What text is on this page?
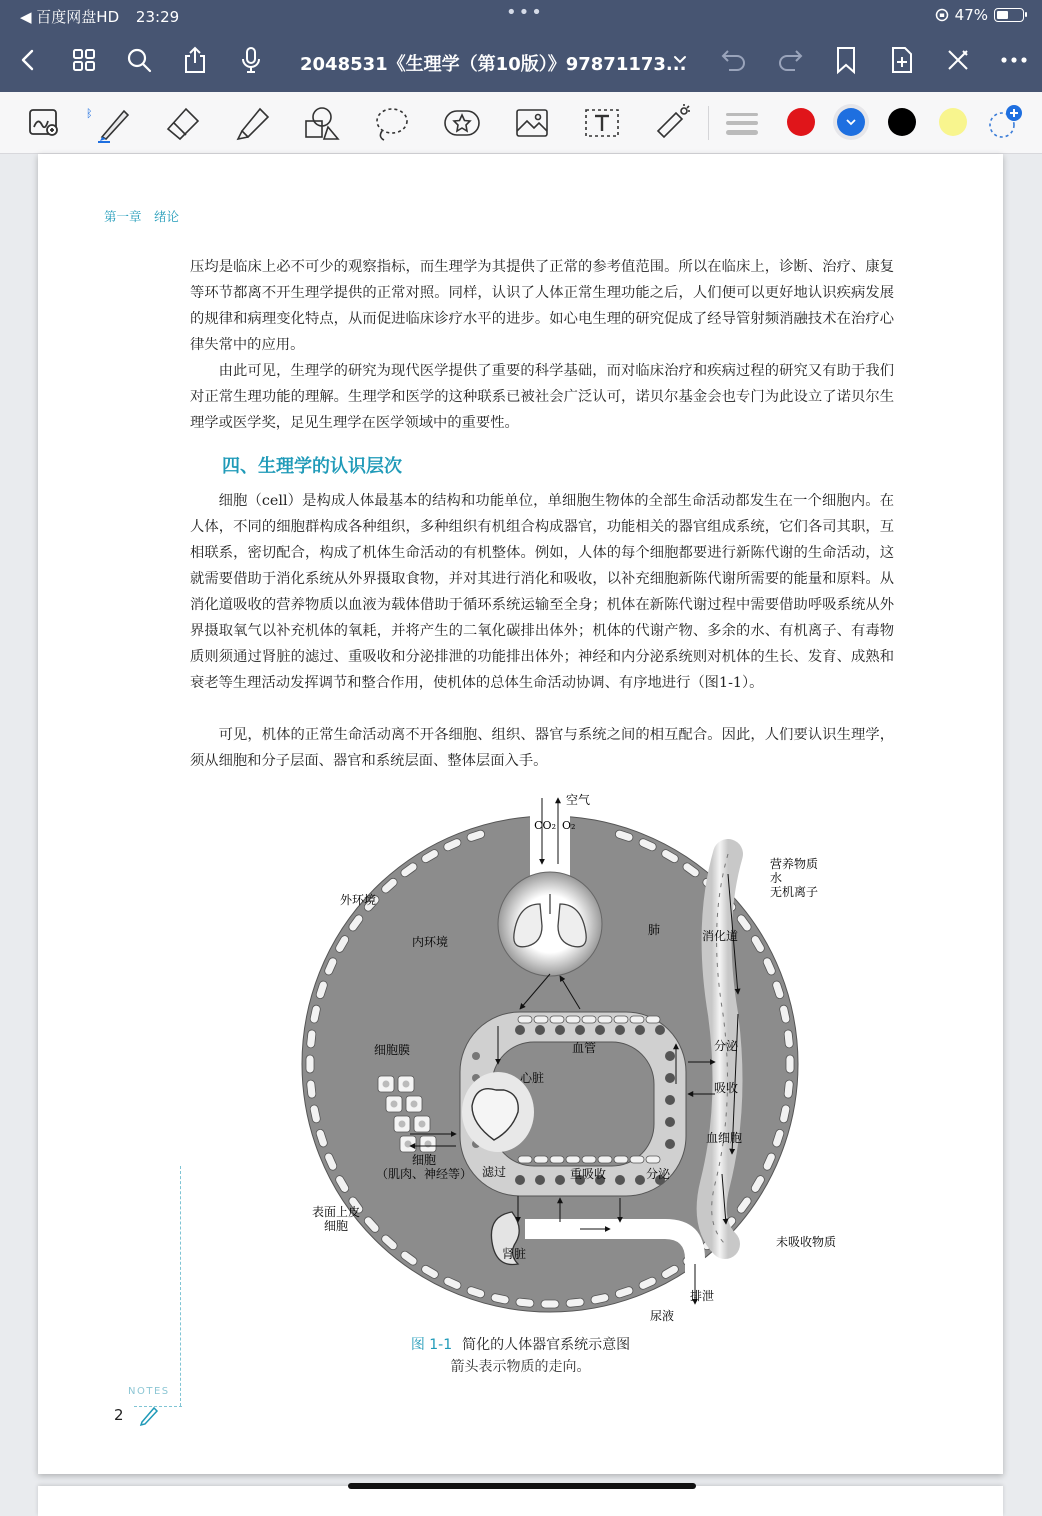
◀ 百度网盘HD 23:29	•••	47%
2048531《生理学（第10版）》97871173...
ᛒ
第一章　绪论

压均是临床上必不可少的观察指标，而生理学为其提供了正常的参考值范围。所以在临床上，诊断、治疗、康复等环节都离不开生理学提供的正常对照。同样，认识了人体正常生理功能之后，人们便可以更好地认识疾病发展的规律和病理变化特点，从而促进临床诊疗水平的进步。如心电生理的研究促成了经导管射频消融技术在治疗心律失常中的应用。

由此可见，生理学的研究为现代医学提供了重要的科学基础，而对临床治疗和疾病过程的研究又有助于我们对正常生理功能的理解。生理学和医学的这种联系已被社会广泛认可，诺贝尔基金会也专门为此设立了诺贝尔生理学或医学奖，足见生理学在医学领域中的重要性。

四、生理学的认识层次

细胞（cell）是构成人体最基本的结构和功能单位，单细胞生物体的全部生命活动都发生在一个细胞内。在人体，不同的细胞群构成各种组织，多种组织有机组合构成器官，功能相关的器官组成系统，它们各司其职，互相联系，密切配合，构成了机体生命活动的有机整体。例如，人体的每个细胞都要进行新陈代谢的生命活动，这就需要借助于消化系统从外界摄取食物，并对其进行消化和吸收，以补充细胞新陈代谢所需要的能量和原料。从消化道吸收的营养物质以血液为载体借助于循环系统运输至全身；机体在新陈代谢过程中需要借助呼吸系统从外界摄取氧气以补充机体的氧耗，并将产生的二氧化碳排出体外；机体的代谢产物、多余的水、有机离子、有毒物质则须通过肾脏的滤过、重吸收和分泌排泄的功能排出体外；神经和内分泌系统则对机体的生长、发育、成熟和衰老等生理活动发挥调节和整合作用，使机体的总体生命活动协调、有序地进行（图1-1）。

可见，机体的正常生命活动离不开各细胞、组织、器官与系统之间的相互配合。因此，人们要认识生理学，须从细胞和分子层面、器官和系统层面、整体层面入手。

空气
CO₂ O₂
营养物质
水
无机离子
外环境
内环境
肺	消化道
细胞膜	血管	分泌
心脏
吸收
血细胞
细胞
（肌肉、神经等） 滤过	重吸收	分泌
表面上皮
细胞
肾脏
未吸收物质
排泄
尿液
图 1-1 简化的人体器官系统示意图
箭头表示物质的走向。
NOTES
2
